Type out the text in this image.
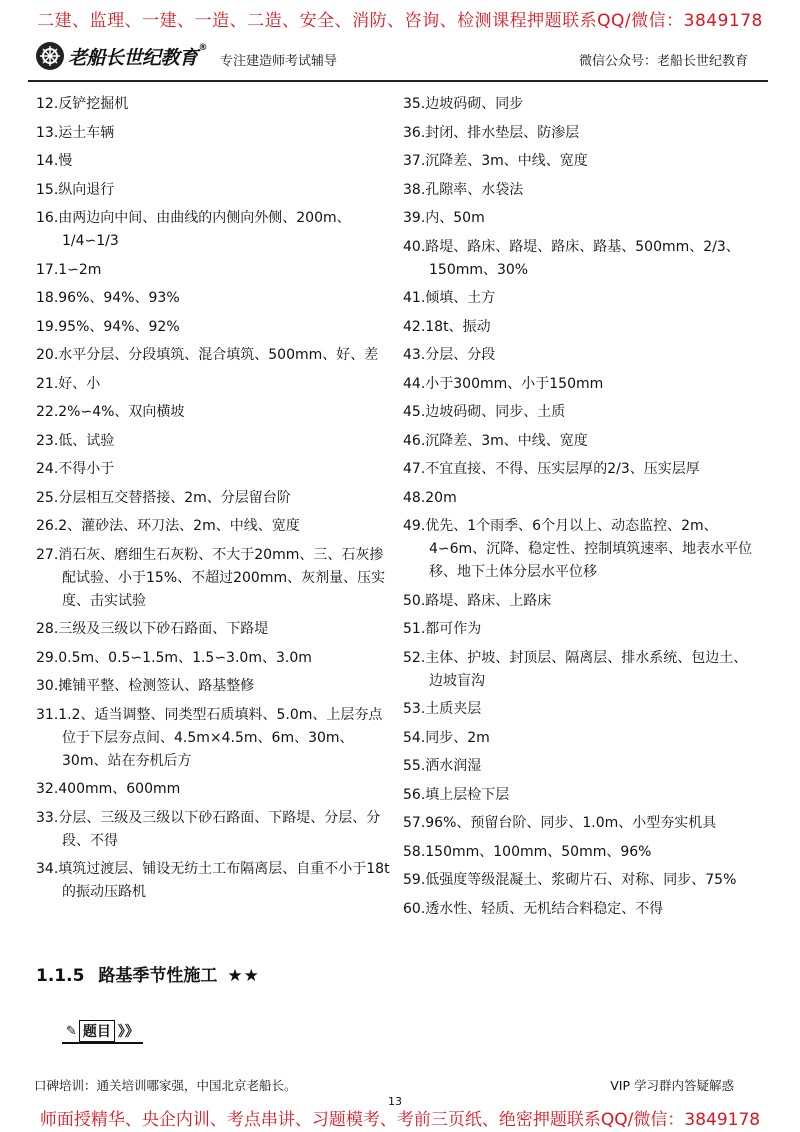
二建、监理、一建、一造、二造、安全、消防、咨询、检测课程押题联系QQ/微信：3849178
老船长世纪教育®
专注建造师考试辅导	微信公众号：老船长世纪教育
12.反铲挖掘机
13.运土车辆
14.慢
15.纵向退行
16.由两边向中间、由曲线的内侧向外侧、200m、1/4∽1/3
17.1∽2m
18.96%、94%、93%
19.95%、94%、92%
20.水平分层、分段填筑、混合填筑、500mm、好、差
21.好、小
22.2%∽4%、双向横坡
23.低、试验
24.不得小于
25.分层相互交替搭接、2m、分层留台阶
26.2、灌砂法、环刀法、2m、中线、宽度
27.消石灰、磨细生石灰粉、不大于20mm、三、石灰掺配试验、小于15%、不超过200mm、灰剂量、压实度、击实试验
28.三级及三级以下砂石路面、下路堤
29.0.5m、0.5∽1.5m、1.5∽3.0m、3.0m
30.摊铺平整、检测签认、路基整修
31.1.2、适当调整、同类型石质填料、5.0m、上层夯点位于下层夯点间、4.5m×4.5m、6m、30m、30m、站在夯机后方
32.400mm、600mm
33.分层、三级及三级以下砂石路面、下路堤、分层、分段、不得
34.填筑过渡层、铺设无纺土工布隔离层、自重不小于18t的振动压路机
35.边坡码砌、同步
36.封闭、排水垫层、防渗层
37.沉降差、3m、中线、宽度
38.孔隙率、水袋法
39.内、50m
40.路堤、路床、路堤、路床、路基、500mm、2/3、150mm、30%
41.倾填、土方
42.18t、振动
43.分层、分段
44.小于300mm、小于150mm
45.边坡码砌、同步、土质
46.沉降差、3m、中线、宽度
47.不宜直接、不得、压实层厚的2/3、压实层厚
48.20m
49.优先、1个雨季、6个月以上、动态监控、2m、4∽6m、沉降、稳定性、控制填筑速率、地表水平位移、地下土体分层水平位移
50.路堤、路床、上路床
51.都可作为
52.主体、护坡、封顶层、隔离层、排水系统、包边土、边坡盲沟
53.土质夹层
54.同步、2m
55.洒水润湿
56.填上层检下层
57.96%、预留台阶、同步、1.0m、小型夯实机具
58.150mm、100mm、50mm、96%
59.低强度等级混凝土、浆砌片石、对称、同步、75%
60.透水性、轻质、无机结合料稳定、不得
1.1.5 路基季节性施工 ★★
✎ 题目 》》
口碑培训：通关培训哪家强，中国北京老船长。	VIP 学习群内答疑解惑
13
师面授精华、央企内训、考点串讲、习题模考、考前三页纸、绝密押题联系QQ/微信：3849178
